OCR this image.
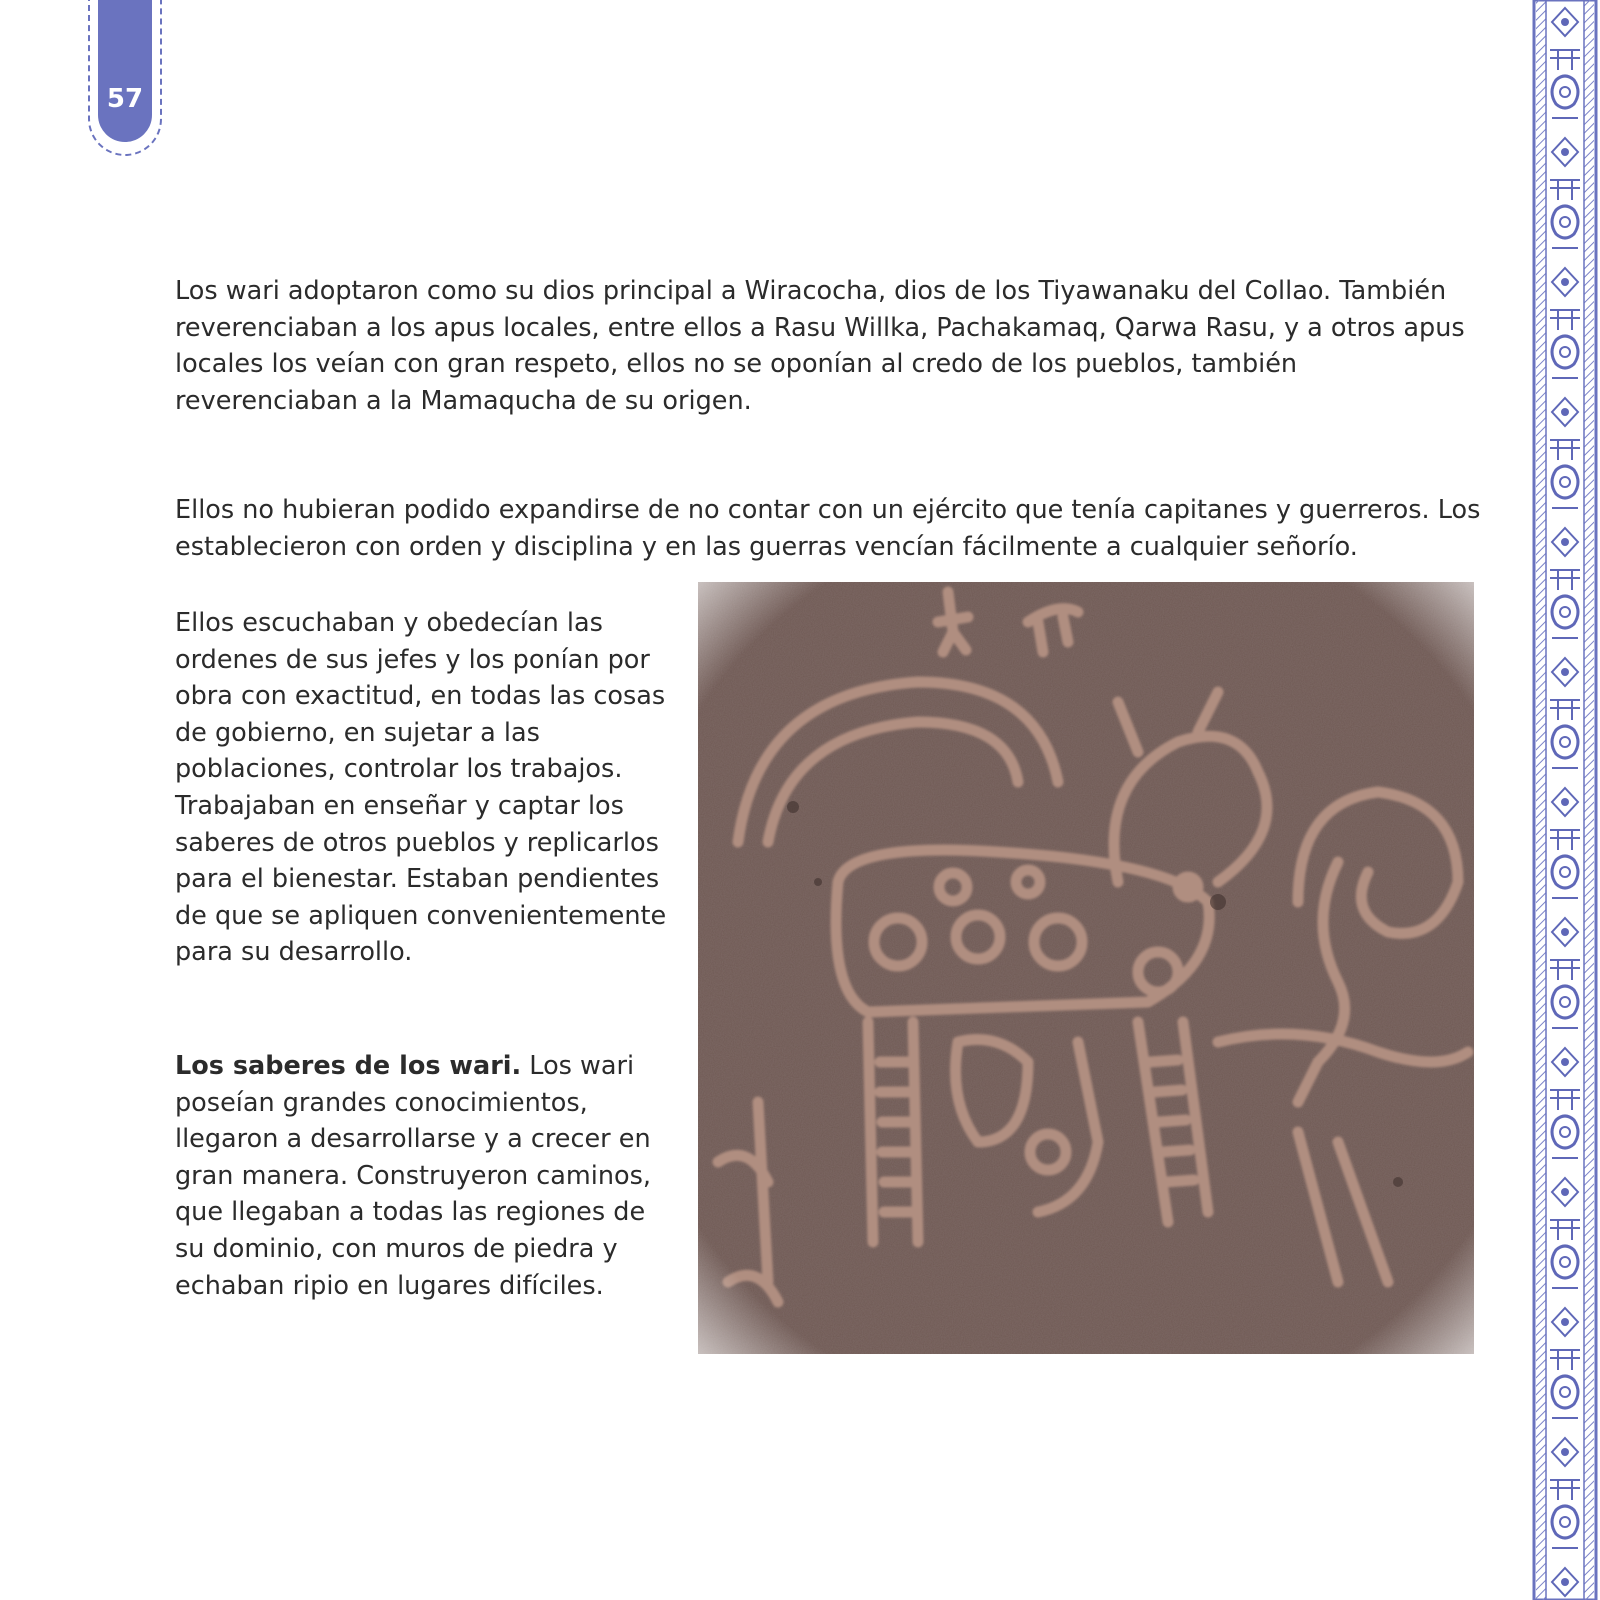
57

Los wari adoptaron como su dios principal a Wiracocha, dios de los Tiyawanaku del Collao. También reverenciaban a los apus locales, entre ellos a Rasu Willka, Pachakamaq, Qarwa Rasu, y a otros apus locales los veían con gran respeto, ellos no se oponían al credo de los pueblos, también reverenciaban a la Mamaqucha de su origen.

Ellos no hubieran podido expandirse de no contar con un ejército que tenía capitanes y guerreros. Los establecieron con orden y disciplina y en las guerras vencían fácilmente a cualquier señorío.

Ellos escuchaban y obedecían las ordenes de sus jefes y los ponían por obra con exactitud, en todas las cosas de gobierno, en sujetar a las poblaciones, controlar los trabajos. Trabajaban en enseñar y captar los saberes de otros pueblos y replicarlos para el bienestar. Estaban pendientes de que se apliquen convenientemente para su desarrollo.

Los saberes de los wari. Los wari poseían grandes conocimientos, llegaron a desarrollarse y a crecer en gran manera. Construyeron caminos, que llegaban a todas las regiones de su dominio, con muros de piedra y echaban ripio en lugares difíciles.
